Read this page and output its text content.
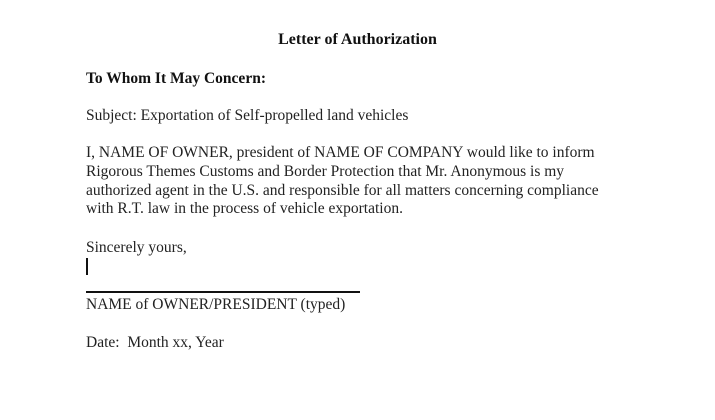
Letter of Authorization
To Whom It May Concern:
Subject: Exportation of Self-propelled land vehicles
I, NAME OF OWNER, president of NAME OF COMPANY would like to inform
Rigorous Themes Customs and Border Protection that Mr. Anonymous is my
authorized agent in the U.S. and responsible for all matters concerning compliance
with R.T. law in the process of vehicle exportation.
Sincerely yours,
NAME of OWNER/PRESIDENT (typed)
Date:  Month xx, Year
